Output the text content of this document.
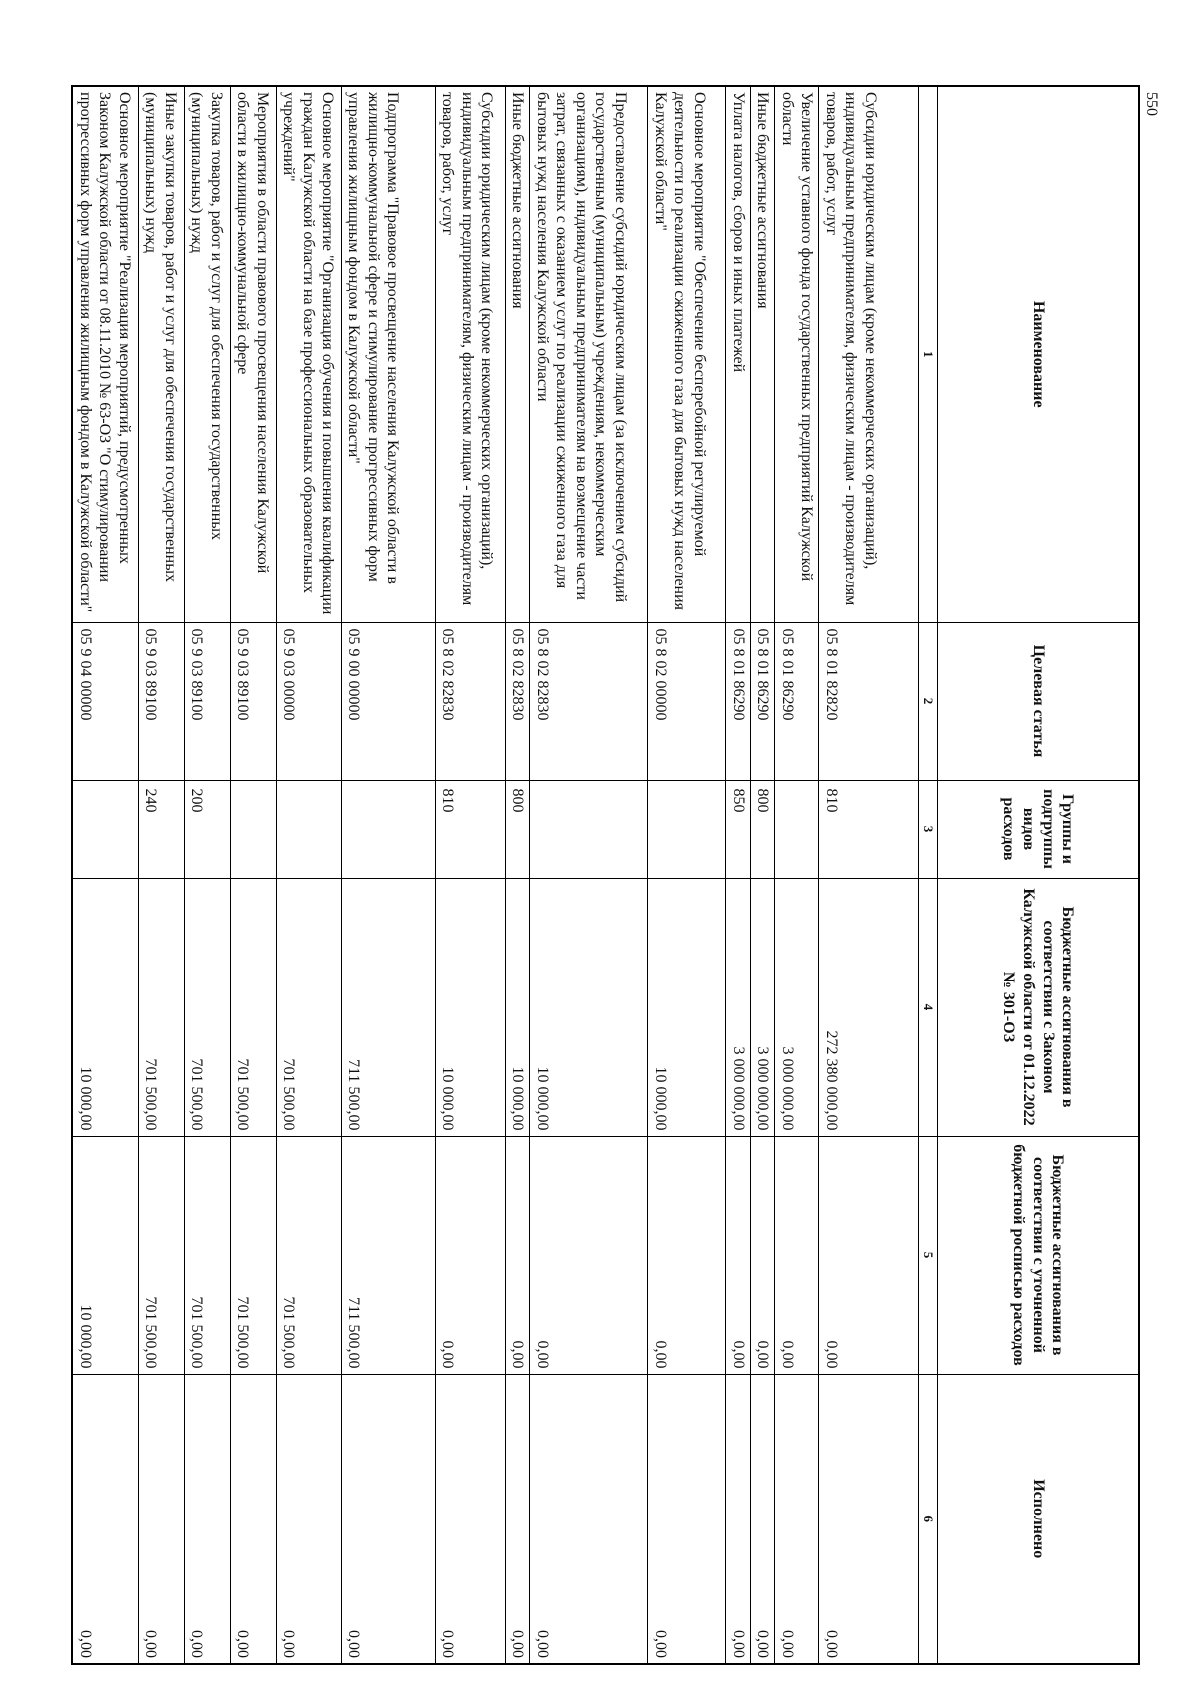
550
Наименование	Целевая статья	Группы и подгруппы видов расходов	Бюджетные ассигнования в соответствии с Законом Калужской области от 01.12.2022 № 301-ОЗ	Бюджетные ассигнования в соответствии с уточненной бюджетной росписью расходов	Исполнено
1	2	3	4	5	6
Субсидии юридическим лицам (кроме некоммерческих организаций), индивидуальным предпринимателям, физическим лицам - производителям товаров, работ, услуг	05 8 01 82820	810	272 380 000,00	0,00	0,00
Увеличение уставного фонда государственных предприятий Калужской области	05 8 01 86290		3 000 000,00	0,00	0,00
Иные бюджетные ассигнования	05 8 01 86290	800	3 000 000,00	0,00	0,00
Уплата налогов, сборов и иных платежей	05 8 01 86290	850	3 000 000,00	0,00	0,00
Основное мероприятие "Обеспечение бесперебойной регулируемой деятельности по реализации сжиженного газа для бытовых нужд населения Калужской области"	05 8 02 00000		10 000,00	0,00	0,00
Предоставление субсидий юридическим лицам (за исключением субсидий государственным (муниципальным) учреждениям, некоммерческим организациям), индивидуальным предпринимателям на возмещение части затрат, связанных с оказанием услуг по реализации сжиженного газа для бытовых нужд населения Калужской области	05 8 02 82830		10 000,00	0,00	0,00
Иные бюджетные ассигнования	05 8 02 82830	800	10 000,00	0,00	0,00
Субсидии юридическим лицам (кроме некоммерческих организаций), индивидуальным предпринимателям, физическим лицам - производителям товаров, работ, услуг	05 8 02 82830	810	10 000,00	0,00	0,00
Подпрограмма "Правовое просвещение населения Калужской области в жилищно-коммунальной сфере и стимулирование прогрессивных форм управления жилищным фондом в Калужской области"	05 9 00 00000		711 500,00	711 500,00	0,00
Основное мероприятие "Организация обучения и повышения квалификации граждан Калужской области на базе профессиональных образовательных учреждений"	05 9 03 00000		701 500,00	701 500,00	0,00
Мероприятия в области правового просвещения населения Калужской области в жилищно-коммунальной сфере	05 9 03 89100		701 500,00	701 500,00	0,00
Закупка товаров, работ и услуг для обеспечения государственных (муниципальных) нужд	05 9 03 89100	200	701 500,00	701 500,00	0,00
Иные закупки товаров, работ и услуг для обеспечения государственных (муниципальных) нужд	05 9 03 89100	240	701 500,00	701 500,00	0,00
Основное мероприятие "Реализация мероприятий, предусмотренных Законом Калужской области от 08.11.2010 № 63-ОЗ "О стимулировании прогрессивных форм управления жилищным фондом в Калужской области"	05 9 04 00000		10 000,00	10 000,00	0,00
